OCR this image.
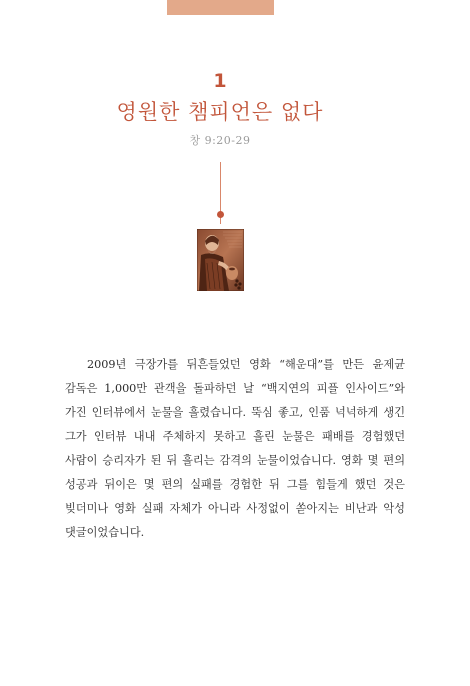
1
영원한 챔피언은 없다
창 9:20-29

2009년 극장가를 뒤흔들었던 영화 “해운대”를 만든 윤제균 감독은 1,000만 관객을 돌파하던 날 “백지연의 피플 인사이드”와 가진 인터뷰에서 눈물을 흘렸습니다. 뚝심 좋고, 인품 넉넉하게 생긴 그가 인터뷰 내내 주체하지 못하고 흘린 눈물은 패배를 경험했던 사람이 승리자가 된 뒤 흘리는 감격의 눈물이었습니다. 영화 몇 편의 성공과 뒤이은 몇 편의 실패를 경험한 뒤 그를 힘들게 했던 것은 빚더미나 영화 실패 자체가 아니라 사정없이 쏟아지는 비난과 악성 댓글이었습니다.
